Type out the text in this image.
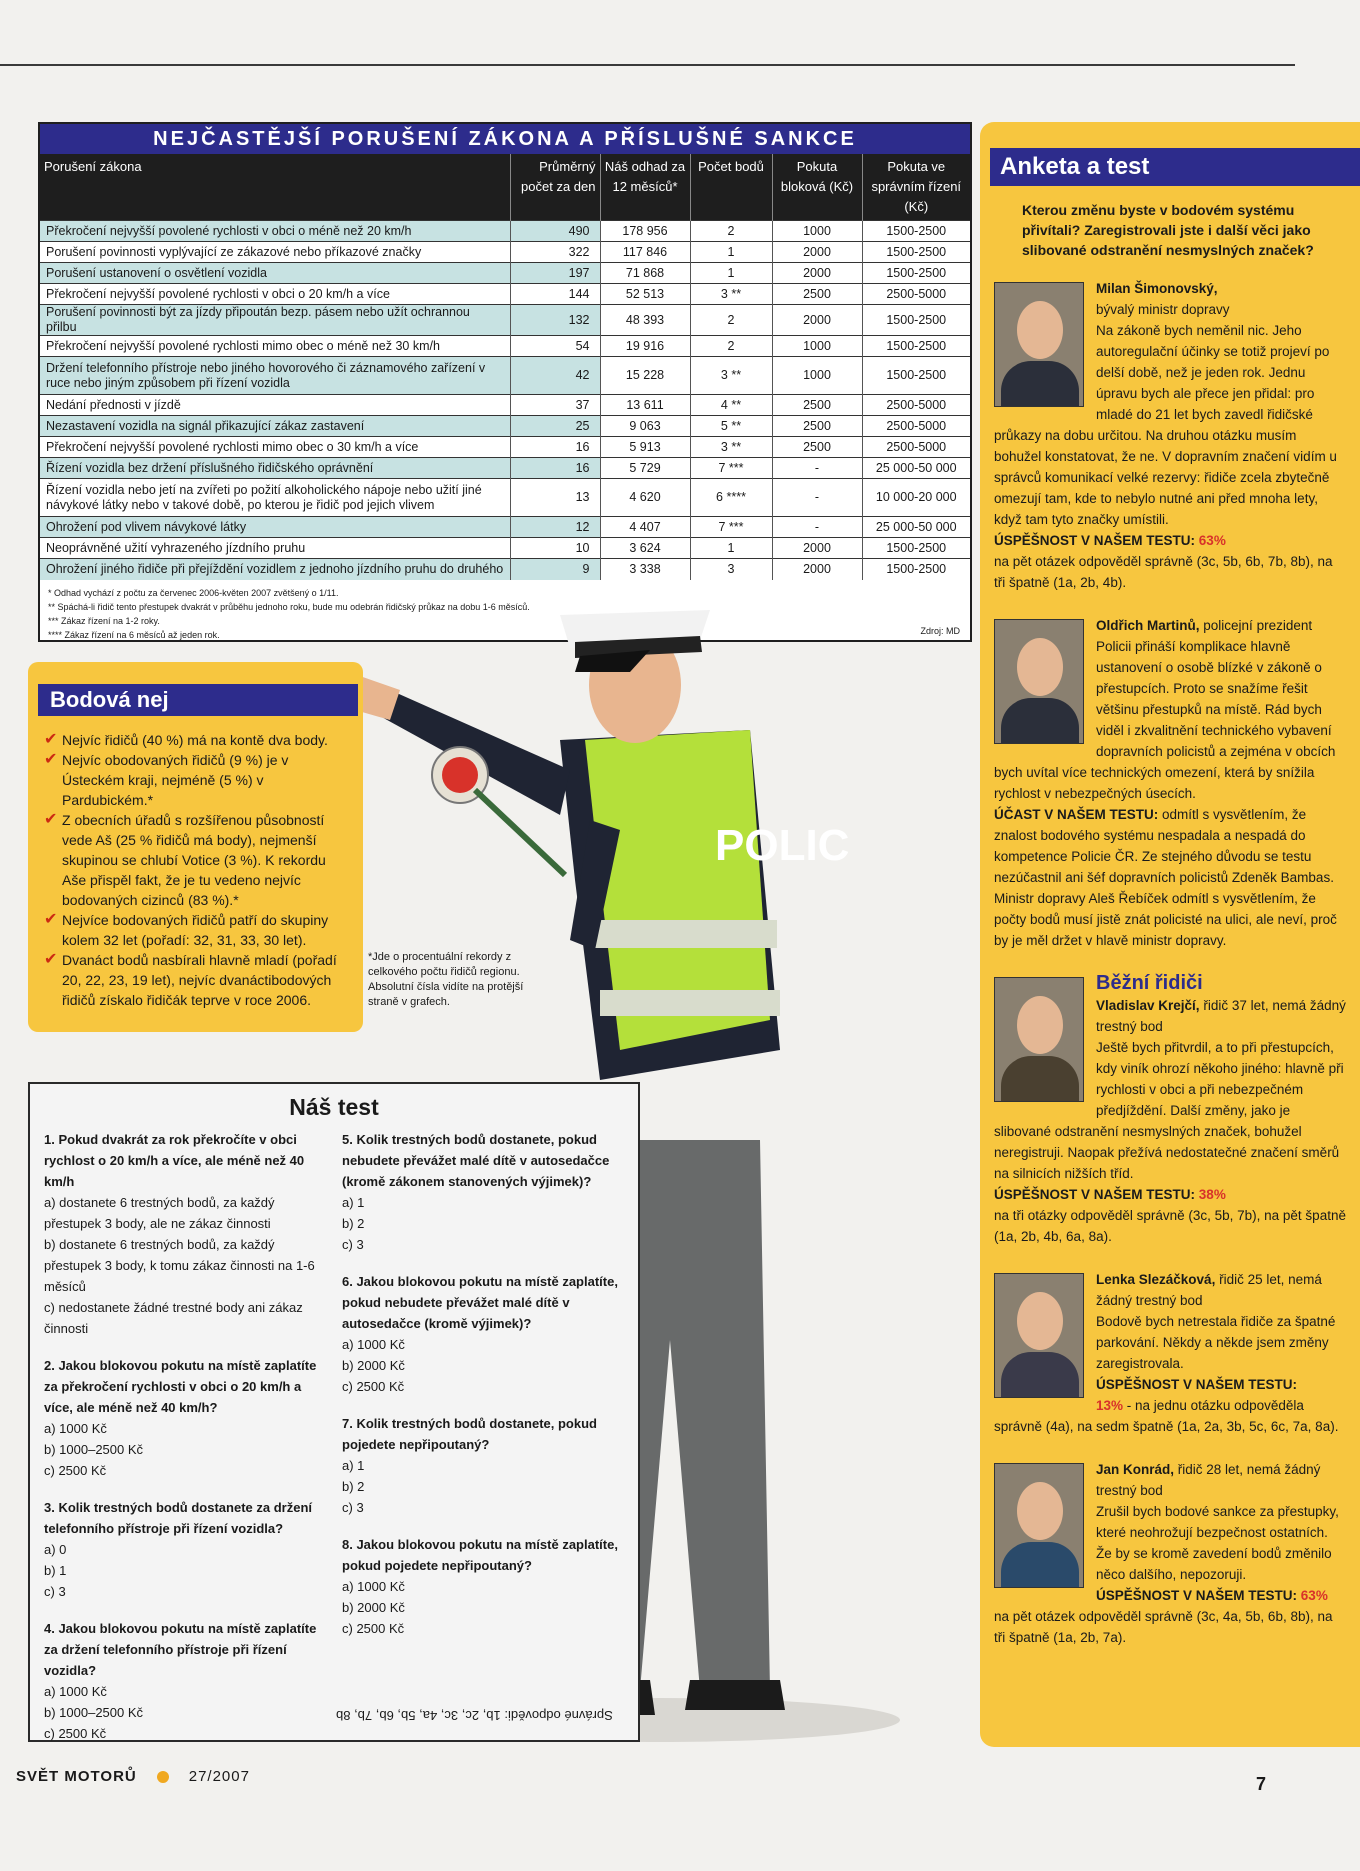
NEJČASTĚJŠÍ PORUŠENÍ ZÁKONA A PŘÍSLUŠNÉ SANKCE
Porušení zákona	Průměrný počet za den	Náš odhad za 12 měsíců*	Počet bodů	Pokuta bloková (Kč)	Pokuta ve správním řízení (Kč)
Překročení nejvyšší povolené rychlosti v obci o méně než 20 km/h	490	178 956	2	1000	1500-2500
Porušení povinnosti vyplývající ze zákazové nebo příkazové značky	322	117 846	1	2000	1500-2500
Porušení ustanovení o osvětlení vozidla	197	71 868	1	2000	1500-2500
Překročení nejvyšší povolené rychlosti v obci o 20 km/h a více	144	52 513	3 **	2500	2500-5000
Porušení povinnosti být za jízdy připoután bezp. pásem nebo užít ochrannou přilbu	132	48 393	2	2000	1500-2500
Překročení nejvyšší povolené rychlosti mimo obec o méně než 30 km/h	54	19 916	2	1000	1500-2500
Držení telefonního přístroje nebo jiného hovorového či záznamového zařízení v ruce nebo jiným způsobem při řízení vozidla	42	15 228	3 **	1000	1500-2500
Nedání přednosti v jízdě	37	13 611	4 **	2500	2500-5000
Nezastavení vozidla na signál přikazující zákaz zastavení	25	9 063	5 **	2500	2500-5000
Překročení nejvyšší povolené rychlosti mimo obec o 30 km/h a více	16	5 913	3 **	2500	2500-5000
Řízení vozidla bez držení příslušného řidičského oprávnění	16	5 729	7 ***	-	25 000-50 000
Řízení vozidla nebo jetí na zvířeti po požití alkoholického nápoje nebo užití jiné návykové látky nebo v takové době, po kterou je řidič pod jejich vlivem	13	4 620	6 ****	-	10 000-20 000
Ohrožení pod vlivem návykové látky	12	4 407	7 ***	-	25 000-50 000
Neoprávněné užití vyhrazeného jízdního pruhu	10	3 624	1	2000	1500-2500
Ohrožení jiného řidiče při přejíždění vozidlem z jednoho jízdního pruhu do druhého	9	3 338	3	2000	1500-2500
* Odhad vychází z počtu za červenec 2006-květen 2007 zvětšený o 1/11.
** Spáchá-li řidič tento přestupek dvakrát v průběhu jednoho roku, bude mu odebrán řidičský průkaz na dobu 1-6 měsíců.
*** Zákaz řízení na 1-2 roky.
**** Zákaz řízení na 6 měsíců až jeden rok.	Zdroj: MD
POLIC
Bodová nej
✔ Nejvíc řidičů (40 %) má na kontě dva body.
✔ Nejvíc obodovaných řidičů (9 %) je v Ústeckém kraji, nejméně (5 %) v Pardubickém.*
✔ Z obecních úřadů s rozšířenou působností vede Aš (25 % řidičů má body), nejmenší skupinou se chlubí Votice (3 %). K rekordu Aše přispěl fakt, že je tu vedeno nejvíc bodovaných cizinců (83 %).*
✔ Nejvíce bodovaných řidičů patří do skupiny kolem 32 let (pořadí: 32, 31, 33, 30 let).
✔ Dvanáct bodů nasbírali hlavně mladí (pořadí 20, 22, 23, 19 let), nejvíc dvanáctibodových řidičů získalo řidičák teprve v roce 2006.
*Jde o procentuální rekordy z celkového počtu řidičů regionu. Absolutní čísla vidíte na protější straně v grafech.
Náš test
1. Pokud dvakrát za rok překročíte v obci rychlost o 20 km/h a více, ale méně než 40 km/h
a) dostanete 6 trestných bodů, za každý přestupek 3 body, ale ne zákaz činnosti
b) dostanete 6 trestných bodů, za každý přestupek 3 body, k tomu zákaz činnosti na 1-6 měsíců
c) nedostanete žádné trestné body ani zákaz činnosti
2. Jakou blokovou pokutu na místě zaplatíte za překročení rychlosti v obci o 20 km/h a více, ale méně než 40 km/h?
a) 1000 Kč
b) 1000–2500 Kč
c) 2500 Kč
3. Kolik trestných bodů dostanete za držení telefonního přístroje při řízení vozidla?
a) 0
b) 1
c) 3
4. Jakou blokovou pokutu na místě zaplatíte za držení telefonního přístroje při řízení vozidla?
a) 1000 Kč
b) 1000–2500 Kč
c) 2500 Kč
5. Kolik trestných bodů dostanete, pokud nebudete převážet malé dítě v autosedačce (kromě zákonem stanovených výjimek)?
a) 1
b) 2
c) 3
6. Jakou blokovou pokutu na místě zaplatíte, pokud nebudete převážet malé dítě v autosedačce (kromě výjimek)?
a) 1000 Kč
b) 2000 Kč
c) 2500 Kč
7. Kolik trestných bodů dostanete, pokud pojedete nepřipoutaný?
a) 1
b) 2
c) 3
8. Jakou blokovou pokutu na místě zaplatíte, pokud pojedete nepřipoutaný?
a) 1000 Kč
b) 2000 Kč
c) 2500 Kč
Správné odpovědi: 1b, 2c, 3c, 4a, 5b, 6b, 7b, 8b
Anketa a test
Kterou změnu byste v bodovém systému přivítali? Zaregistrovali jste i další věci jako slibované odstranění nesmyslných značek?
Milan Šimonovský,
bývalý ministr dopravy
Na zákoně bych neměnil nic. Jeho autoregulační účinky se totiž projeví po delší době, než je jeden rok. Jednu úpravu bych ale přece jen přidal: pro mladé do 21 let bych zavedl řidičské průkazy na dobu určitou. Na druhou otázku musím bohužel konstatovat, že ne. V dopravním značení vidím u správců komunikací velké rezervy: řidiče zcela zbytečně omezují tam, kde to nebylo nutné ani před mnoha lety, když tam tyto značky umístili.
ÚSPĚŠNOST V NAŠEM TESTU: 63%
na pět otázek odpověděl správně (3c, 5b, 6b, 7b, 8b), na tři špatně (1a, 2b, 4b).
Oldřich Martinů, policejní prezident
Policii přináší komplikace hlavně ustanovení o osobě blízké v zákoně o přestupcích. Proto se snažíme řešit většinu přestupků na místě. Rád bych viděl i zkvalitnění technického vybavení dopravních policistů a zejména v obcích bych uvítal více technických omezení, která by snížila rychlost v nebezpečných úsecích.
ÚČAST V NAŠEM TESTU: odmítl s vysvětlením, že znalost bodového systému nespadala a nespadá do kompetence Policie ČR. Ze stejného důvodu se testu nezúčastnil ani šéf dopravních policistů Zdeněk Bambas. Ministr dopravy Aleš Řebíček odmítl s vysvětlením, že počty bodů musí jistě znát policisté na ulici, ale neví, proč by je měl držet v hlavě ministr dopravy.
Běžní řidiči
Vladislav Krejčí, řidič 37 let, nemá žádný trestný bod
Ještě bych přitvrdil, a to při přestupcích, kdy viník ohrozí někoho jiného: hlavně při rychlosti v obci a při nebezpečném předjíždění. Další změny, jako je slibované odstranění nesmyslných značek, bohužel neregistruji. Naopak přežívá nedostatečné značení směrů na silnicích nižších tříd.
ÚSPĚŠNOST V NAŠEM TESTU: 38%
na tři otázky odpověděl správně (3c, 5b, 7b), na pět špatně (1a, 2b, 4b, 6a, 8a).
Lenka Slezáčková, řidič 25 let, nemá žádný trestný bod
Bodově bych netrestala řidiče za špatné parkování. Někdy a někde jsem změny zaregistrovala.
ÚSPĚŠNOST V NAŠEM TESTU:
13% - na jednu otázku odpověděla správně (4a), na sedm špatně (1a, 2a, 3b, 5c, 6c, 7a, 8a).
Jan Konrád, řidič 28 let, nemá žádný trestný bod
Zrušil bych bodové sankce za přestupky, které neohrožují bezpečnost ostatních. Že by se kromě zavedení bodů změnilo něco dalšího, nepozoruji.
ÚSPĚŠNOST V NAŠEM TESTU: 63%
na pět otázek odpověděl správně (3c, 4a, 5b, 6b, 8b), na tři špatně (1a, 2b, 7a).
SVĚT MOTORŮ	27/2007	7
